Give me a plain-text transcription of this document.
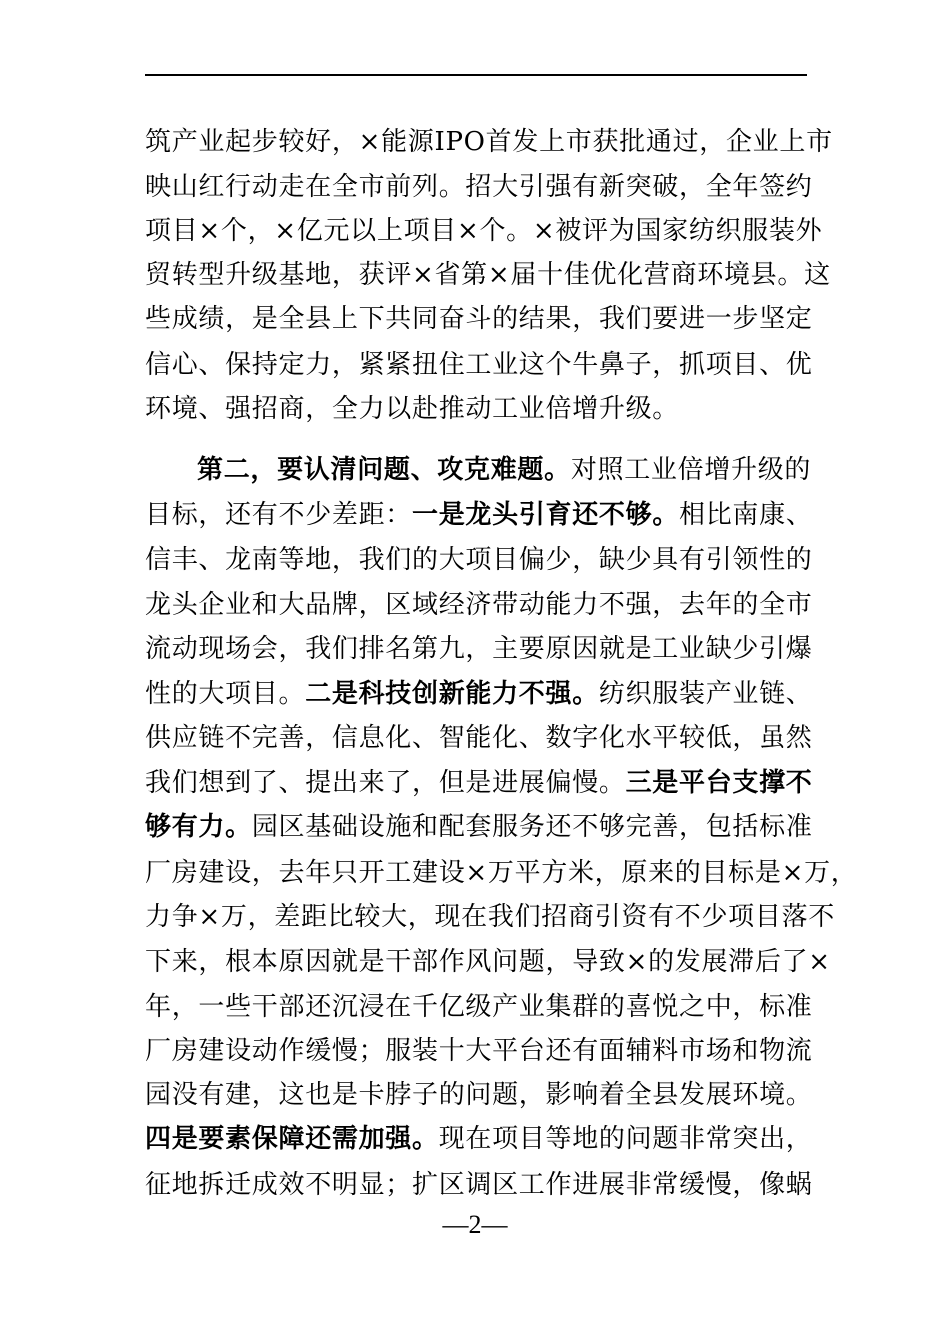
筑产业起步较好，×能源IPO首发上市获批通过，企业上市

映山红行动走在全市前列。招大引强有新突破，全年签约

项目×个，×亿元以上项目×个。×被评为国家纺织服装外

贸转型升级基地，获评×省第×届十佳优化营商环境县。这

些成绩，是全县上下共同奋斗的结果，我们要进一步坚定

信心、保持定力，紧紧扭住工业这个牛鼻子，抓项目、优

环境、强招商，全力以赴推动工业倍增升级。

第二，要认清问题、攻克难题。对照工业倍增升级的

目标，还有不少差距：一是龙头引育还不够。相比南康、

信丰、龙南等地，我们的大项目偏少，缺少具有引领性的

龙头企业和大品牌，区域经济带动能力不强，去年的全市

流动现场会，我们排名第九，主要原因就是工业缺少引爆

性的大项目。二是科技创新能力不强。纺织服装产业链、

供应链不完善，信息化、智能化、数字化水平较低，虽然

我们想到了、提出来了，但是进展偏慢。三是平台支撑不

够有力。园区基础设施和配套服务还不够完善，包括标准

厂房建设，去年只开工建设×万平方米，原来的目标是×万，

力争×万，差距比较大，现在我们招商引资有不少项目落不

下来，根本原因就是干部作风问题，导致×的发展滞后了×

年，一些干部还沉浸在千亿级产业集群的喜悦之中，标准

厂房建设动作缓慢；服装十大平台还有面辅料市场和物流

园没有建，这也是卡脖子的问题，影响着全县发展环境。

四是要素保障还需加强。现在项目等地的问题非常突出，

征地拆迁成效不明显；扩区调区工作进展非常缓慢，像蜗

—2—
